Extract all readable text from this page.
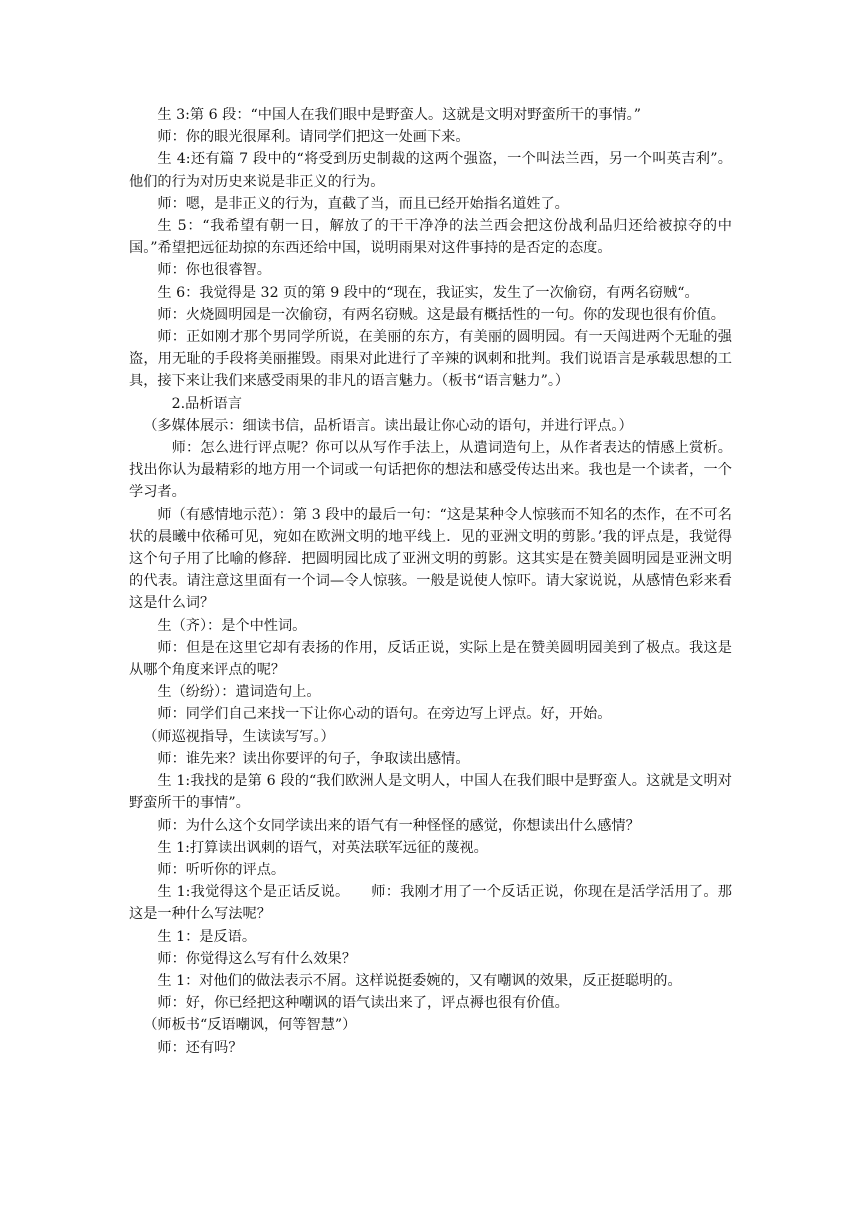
生 3:第 6 段：“中国人在我们眼中是野蛮人。这就是文明对野蛮所干的事情。”

师：你的眼光很犀利。请同学们把这一处画下来。

生 4:还有篇 7 段中的“将受到历史制裁的这两个强盗，一个叫法兰西，另一个叫英吉利”。他们的行为对历史来说是非正义的行为。

师：嗯，是非正义的行为，直截了当，而且已经开始指名道姓了。

生 5：“我希望有朝一日，解放了的干干净净的法兰西会把这份战利品归还给被掠夺的中国。”希望把远征劫掠的东西还给中国，说明雨果对这件事持的是否定的态度。

师：你也很睿智。

生 6：我觉得是 32 页的第 9 段中的“现在，我证实，发生了一次偷窃，有两名窃贼“。

师：火烧圆明园是一次偷窃，有两名窃贼。这是最有概括性的一句。你的发现也很有价值。

师：正如刚才那个男同学所说，在美丽的东方，有美丽的圆明园。有一天闯进两个无耻的强盗，用无耻的手段将美丽摧毁。雨果对此进行了辛辣的讽刺和批判。我们说语言是承载思想的工具，接下来让我们来感受雨果的非凡的语言魅力。（板书“语言魅力”。）

2.品析语言

（多媒体展示：细读书信，品析语言。读出最让你心动的语句，并进行评点。）

师：怎么进行评点呢？你可以从写作手法上，从遣词造句上，从作者表达的情感上赏析。找出你认为最精彩的地方用一个词或一句话把你的想法和感受传达出来。我也是一个读者，一个学习者。

师（有感情地示范）：第 3 段中的最后一句：“这是某种令人惊骇而不知名的杰作，在不可名状的晨曦中依稀可见，宛如在欧洲文明的地平线上．见的亚洲文明的剪影。’我的评点是，我觉得这个句子用了比喻的修辞．把圆明园比成了亚洲文明的剪影。这其实是在赞美圆明园是亚洲文明的代表。请注意这里面有一个词—令人惊骇。一般是说使人惊吓。请大家说说，从感情色彩来看这是什么词？

生（齐）：是个中性词。

师：但是在这里它却有表扬的作用，反话正说，实际上是在赞美圆明园美到了极点。我这是从哪个角度来评点的呢？

生（纷纷）：遣词造句上。

师：同学们自己来找一下让你心动的语句。在旁边写上评点。好，开始。

（师巡视指导，生读读写写。）

师：谁先来？读出你要评的句子，争取读出感情。

生 1:我找的是第 6 段的“我们欧洲人是文明人，中国人在我们眼中是野蛮人。这就是文明对野蛮所干的事情”。

师：为什么这个女同学读出来的语气有一种怪怪的感觉，你想读出什么感情？

生 1:打算读出讽刺的语气，对英法联军远征的蔑视。

师：听听你的评点。

生 1:我觉得这个是正话反说。　　师：我刚才用了一个反话正说，你现在是活学活用了。那这是一种什么写法呢？

生 1：是反语。

师：你觉得这么写有什么效果？

生 1：对他们的做法表示不屑。这样说挺委婉的，又有嘲讽的效果，反正挺聪明的。

师：好，你已经把这种嘲讽的语气读出来了，评点褥也很有价值。

（师板书“反语嘲讽，何等智慧”）

师：还有吗？
